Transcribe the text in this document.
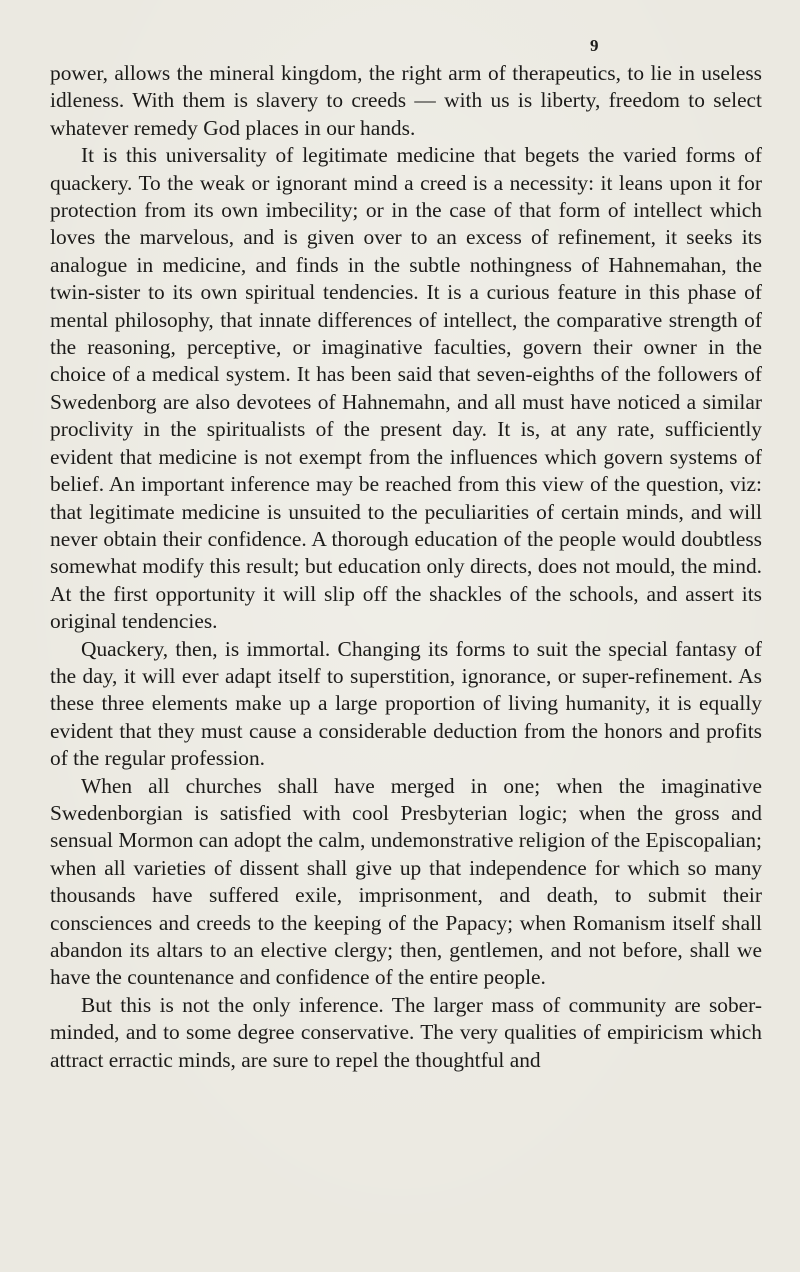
9

power, allows the mineral kingdom, the right arm of therapeutics, to lie in useless idleness. With them is slavery to creeds — with us is liberty, freedom to select whatever remedy God places in our hands.

It is this universality of legitimate medicine that begets the varied forms of quackery. To the weak or ignorant mind a creed is a necessity: it leans upon it for protection from its own imbecility; or in the case of that form of intellect which loves the marvelous, and is given over to an excess of refinement, it seeks its analogue in medicine, and finds in the subtle nothingness of Hahnemahan, the twin-sister to its own spiritual tendencies. It is a curious feature in this phase of mental philosophy, that innate differences of intellect, the comparative strength of the reasoning, perceptive, or imaginative faculties, govern their owner in the choice of a medical system. It has been said that seven-eighths of the followers of Swedenborg are also devotees of Hahnemahn, and all must have noticed a similar proclivity in the spiritualists of the present day. It is, at any rate, sufficiently evident that medicine is not exempt from the influences which govern systems of belief. An important inference may be reached from this view of the question, viz: that legitimate medicine is unsuited to the peculiarities of certain minds, and will never obtain their confidence. A thorough education of the people would doubtless somewhat modify this result; but education only directs, does not mould, the mind. At the first opportunity it will slip off the shackles of the schools, and assert its original tendencies.

Quackery, then, is immortal. Changing its forms to suit the special fantasy of the day, it will ever adapt itself to superstition, ignorance, or super-refinement. As these three elements make up a large proportion of living humanity, it is equally evident that they must cause a considerable deduction from the honors and profits of the regular profession.

When all churches shall have merged in one; when the imaginative Swedenborgian is satisfied with cool Presbyterian logic; when the gross and sensual Mormon can adopt the calm, undemonstrative religion of the Episcopalian; when all varieties of dissent shall give up that independence for which so many thousands have suffered exile, imprisonment, and death, to submit their consciences and creeds to the keeping of the Papacy; when Romanism itself shall abandon its altars to an elective clergy; then, gentlemen, and not before, shall we have the countenance and confidence of the entire people.

But this is not the only inference. The larger mass of community are sober-minded, and to some degree conservative. The very qualities of empiricism which attract erractic minds, are sure to repel the thoughtful and
